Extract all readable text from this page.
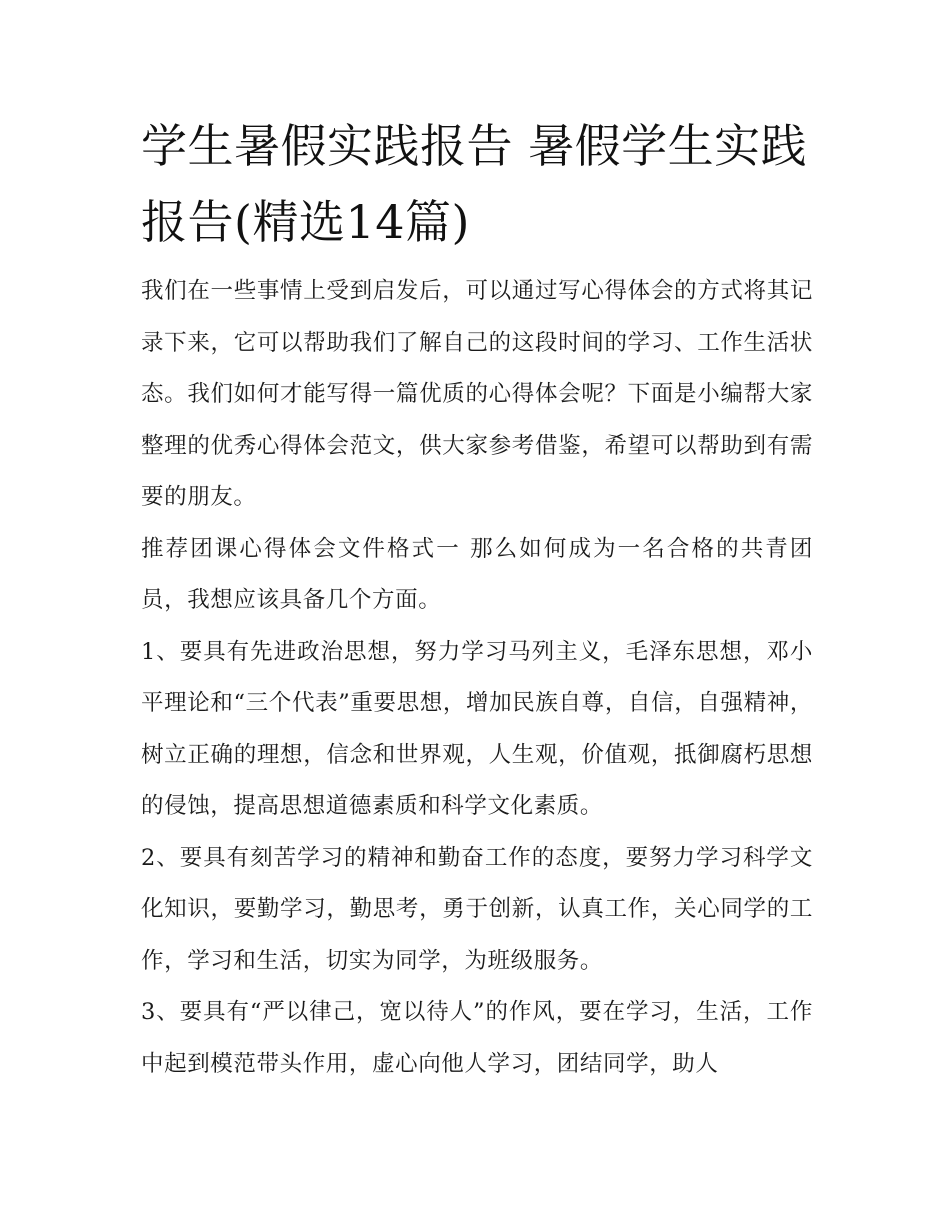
学生暑假实践报告 暑假学生实践报告(精选14篇)

我们在一些事情上受到启发后，可以通过写心得体会的方式将其记录下来，它可以帮助我们了解自己的这段时间的学习、工作生活状态。我们如何才能写得一篇优质的心得体会呢？下面是小编帮大家整理的优秀心得体会范文，供大家参考借鉴，希望可以帮助到有需要的朋友。

推荐团课心得体会文件格式一 那么如何成为一名合格的共青团员，我想应该具备几个方面。

1、要具有先进政治思想，努力学习马列主义，毛泽东思想，邓小平理论和“三个代表”重要思想，增加民族自尊，自信，自强精神，树立正确的理想，信念和世界观，人生观，价值观，抵御腐朽思想的侵蚀，提高思想道德素质和科学文化素质。

2、要具有刻苦学习的精神和勤奋工作的态度，要努力学习科学文化知识，要勤学习，勤思考，勇于创新，认真工作，关心同学的工作，学习和生活，切实为同学，为班级服务。

3、要具有“严以律己，宽以待人”的作风，要在学习，生活，工作中起到模范带头作用，虚心向他人学习，团结同学，助人
